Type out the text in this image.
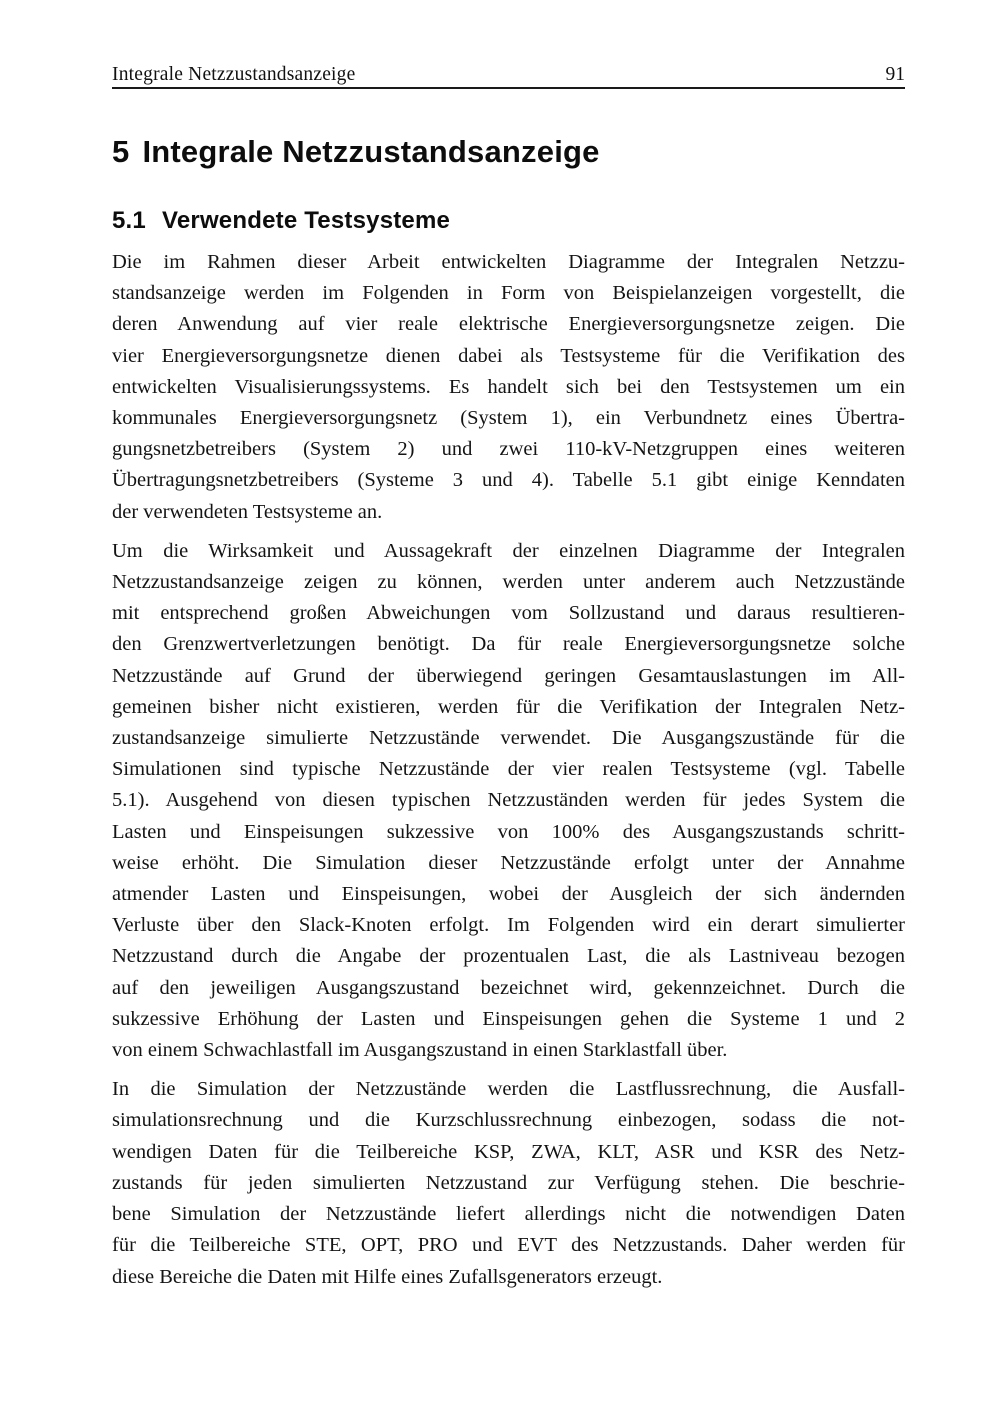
Integrale Netzzustandsanzeige	91
5 Integrale Netzzustandsanzeige
5.1 Verwendete Testsysteme
Die im Rahmen dieser Arbeit entwickelten Diagramme der Integralen Netzzu-
standsanzeige werden im Folgenden in Form von Beispielanzeigen vorgestellt, die
deren Anwendung auf vier reale elektrische Energieversorgungsnetze zeigen. Die
vier Energieversorgungsnetze dienen dabei als Testsysteme für die Verifikation des
entwickelten Visualisierungssystems. Es handelt sich bei den Testsystemen um ein
kommunales Energieversorgungsnetz (System 1), ein Verbundnetz eines Übertra-
gungsnetzbetreibers (System 2) und zwei 110-kV-Netzgruppen eines weiteren
Übertragungsnetzbetreibers (Systeme 3 und 4). Tabelle 5.1 gibt einige Kenndaten
der verwendeten Testsysteme an.
Um die Wirksamkeit und Aussagekraft der einzelnen Diagramme der Integralen
Netzzustandsanzeige zeigen zu können, werden unter anderem auch Netzzustände
mit entsprechend großen Abweichungen vom Sollzustand und daraus resultieren-
den Grenzwertverletzungen benötigt. Da für reale Energieversorgungsnetze solche
Netzzustände auf Grund der überwiegend geringen Gesamtauslastungen im All-
gemeinen bisher nicht existieren, werden für die Verifikation der Integralen Netz-
zustandsanzeige simulierte Netzzustände verwendet. Die Ausgangszustände für die
Simulationen sind typische Netzzustände der vier realen Testsysteme (vgl. Tabelle
5.1). Ausgehend von diesen typischen Netzzuständen werden für jedes System die
Lasten und Einspeisungen sukzessive von 100% des Ausgangszustands schritt-
weise erhöht. Die Simulation dieser Netzzustände erfolgt unter der Annahme
atmender Lasten und Einspeisungen, wobei der Ausgleich der sich ändernden
Verluste über den Slack-Knoten erfolgt. Im Folgenden wird ein derart simulierter
Netzzustand durch die Angabe der prozentualen Last, die als Lastniveau bezogen
auf den jeweiligen Ausgangszustand bezeichnet wird, gekennzeichnet. Durch die
sukzessive Erhöhung der Lasten und Einspeisungen gehen die Systeme 1 und 2
von einem Schwachlastfall im Ausgangszustand in einen Starklastfall über.
In die Simulation der Netzzustände werden die Lastflussrechnung, die Ausfall-
simulationsrechnung und die Kurzschlussrechnung einbezogen, sodass die not-
wendigen Daten für die Teilbereiche KSP, ZWA, KLT, ASR und KSR des Netz-
zustands für jeden simulierten Netzzustand zur Verfügung stehen. Die beschrie-
bene Simulation der Netzzustände liefert allerdings nicht die notwendigen Daten
für die Teilbereiche STE, OPT, PRO und EVT des Netzzustands. Daher werden für
diese Bereiche die Daten mit Hilfe eines Zufallsgenerators erzeugt.
